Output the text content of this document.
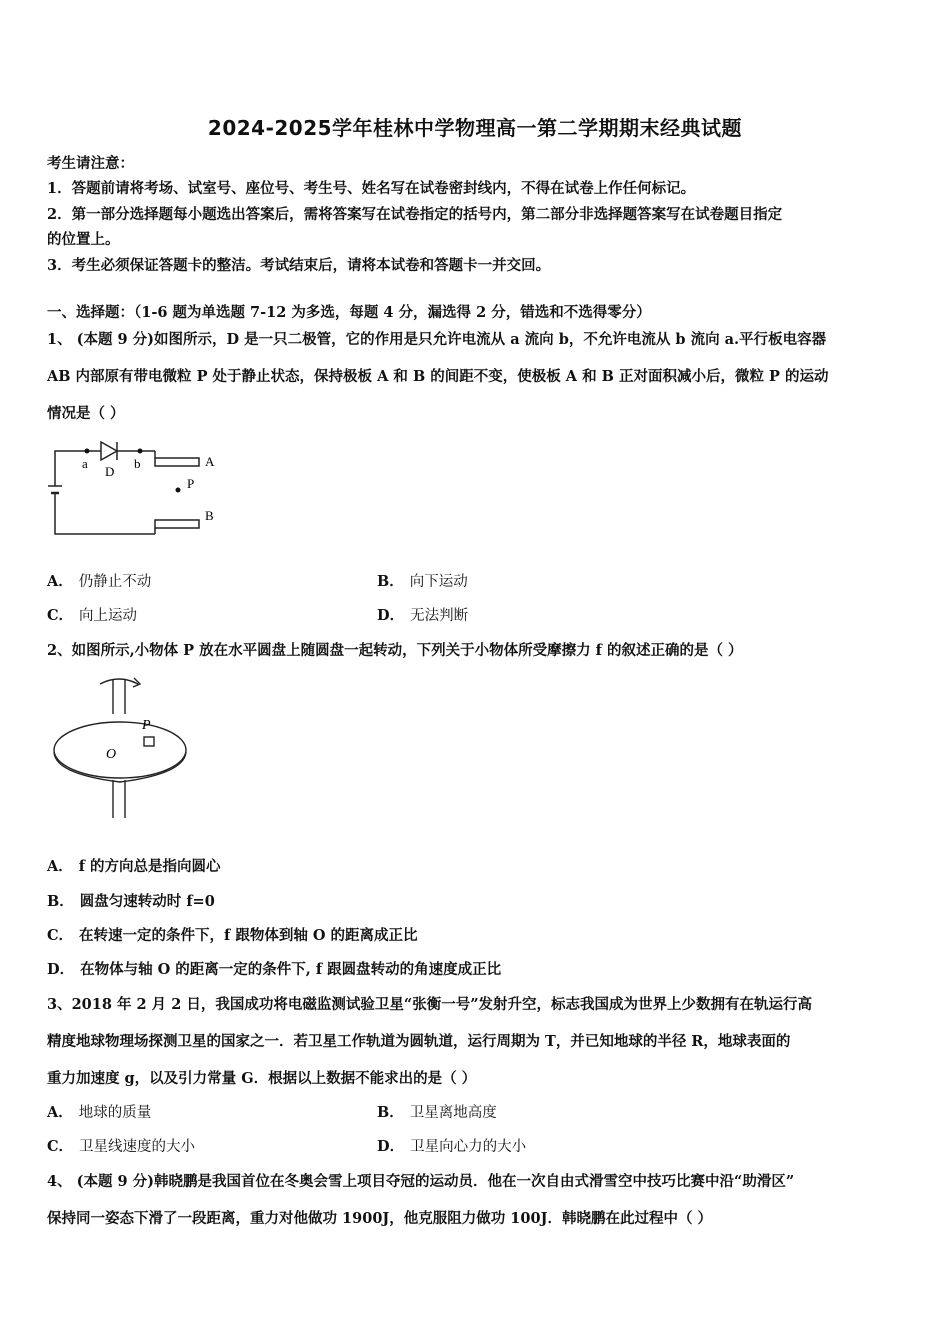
2024-2025学年桂林中学物理高一第二学期期末经典试题
考生请注意：
1．答题前请将考场、试室号、座位号、考生号、姓名写在试卷密封线内，不得在试卷上作任何标记。
2．第一部分选择题每小题选出答案后，需将答案写在试卷指定的括号内，第二部分非选择题答案写在试卷题目指定
的位置上。
3．考生必须保证答题卡的整洁。考试结束后，请将本试卷和答题卡一并交回。
一、选择题：（1-6 题为单选题 7-12 为多选，每题 4 分，漏选得 2 分，错选和不选得零分）
1、 (本题 9 分)如图所示，D 是一只二极管，它的作用是只允许电流从 a 流向 b，不允许电流从 b 流向 a.平行板电容器
AB 内部原有带电微粒 P 处于静止状态，保持极板 A 和 B 的间距不变，使极板 A 和 B 正对面积减小后，微粒 P 的运动
情况是（ ）
a
D
b	A
P
B
A． 仍静止不动	B． 向下运动
C． 向上运动	D． 无法判断
2、如图所示,小物体 P 放在水平圆盘上随圆盘一起转动，下列关于小物体所受摩擦力 f 的叙述正确的是（ ）
P
O
A． f 的方向总是指向圆心
B． 圆盘匀速转动时 f=0
C． 在转速一定的条件下，f 跟物体到轴 O 的距离成正比
D． 在物体与轴 O 的距离一定的条件下, f 跟圆盘转动的角速度成正比
3、2018 年 2 月 2 日，我国成功将电磁监测试验卫星“张衡一号”发射升空，标志我国成为世界上少数拥有在轨运行高
精度地球物理场探测卫星的国家之一．若卫星工作轨道为圆轨道，运行周期为 T，并已知地球的半径 R，地球表面的
重力加速度 g，以及引力常量 G．根据以上数据不能求出的是（ ）
A． 地球的质量	B． 卫星离地高度
C． 卫星线速度的大小	D． 卫星向心力的大小
4、 (本题 9 分)韩晓鹏是我国首位在冬奥会雪上项目夺冠的运动员．他在一次自由式滑雪空中技巧比赛中沿“助滑区”
保持同一姿态下滑了一段距离，重力对他做功 1900J，他克服阻力做功 100J．韩晓鹏在此过程中（ ）
